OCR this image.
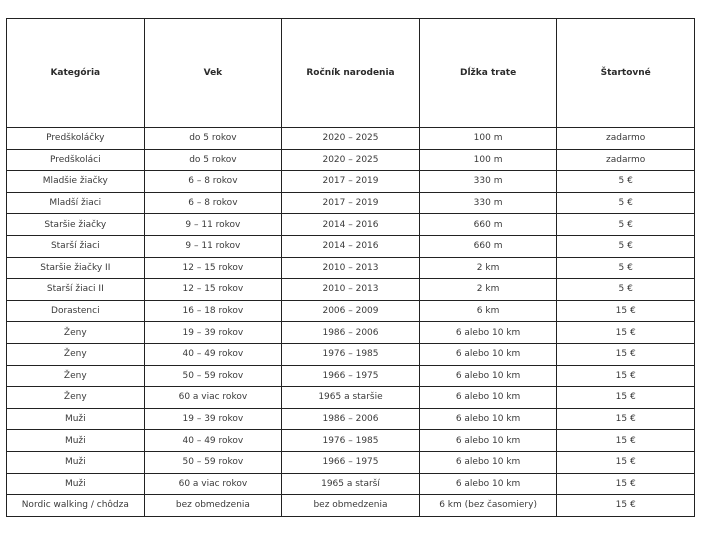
Kategória	Vek	Ročník narodenia	Dĺžka trate	Štartovné
Predškoláčky	do 5 rokov	2020 – 2025	100 m	zadarmo
Predškoláci	do 5 rokov	2020 – 2025	100 m	zadarmo
Mladšie žiačky	6 – 8 rokov	2017 – 2019	330 m	5 €
Mladší žiaci	6 – 8 rokov	2017 – 2019	330 m	5 €
Staršie žiačky	9 – 11 rokov	2014 – 2016	660 m	5 €
Starší žiaci	9 – 11 rokov	2014 – 2016	660 m	5 €
Staršie žiačky II	12 – 15 rokov	2010 – 2013	2 km	5 €
Starší žiaci II	12 – 15 rokov	2010 – 2013	2 km	5 €
Dorastenci	16 – 18 rokov	2006 – 2009	6 km	15 €
Ženy	19 – 39 rokov	1986 – 2006	6 alebo 10 km	15 €
Ženy	40 – 49 rokov	1976 – 1985	6 alebo 10 km	15 €
Ženy	50 – 59 rokov	1966 – 1975	6 alebo 10 km	15 €
Ženy	60 a viac rokov	1965 a staršie	6 alebo 10 km	15 €
Muži	19 – 39 rokov	1986 – 2006	6 alebo 10 km	15 €
Muži	40 – 49 rokov	1976 – 1985	6 alebo 10 km	15 €
Muži	50 – 59 rokov	1966 – 1975	6 alebo 10 km	15 €
Muži	60 a viac rokov	1965 a starší	6 alebo 10 km	15 €
Nordic walking / chôdza	bez obmedzenia	bez obmedzenia	6 km (bez časomiery)	15 €
